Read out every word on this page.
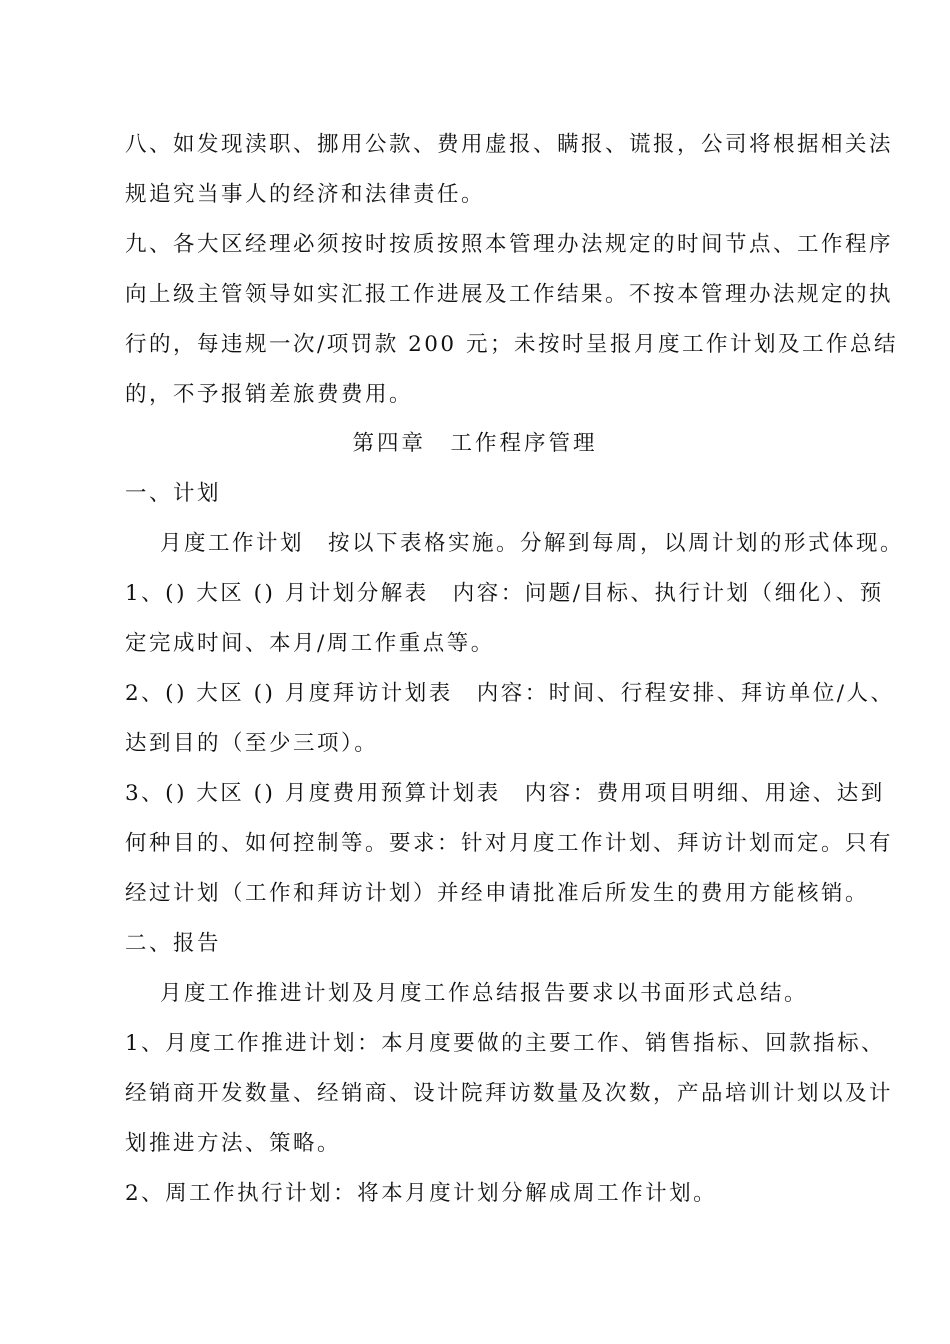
八、如发现渎职、挪用公款、费用虚报、瞒报、谎报，公司将根据相关法
规追究当事人的经济和法律责任。
九、各大区经理必须按时按质按照本管理办法规定的时间节点、工作程序
向上级主管领导如实汇报工作进展及工作结果。不按本管理办法规定的执
行的，每违规一次/项罚款 200 元；未按时呈报月度工作计划及工作总结
的，不予报销差旅费费用。
第四章　工作程序管理
一、计划
月度工作计划　按以下表格实施。分解到每周，以周计划的形式体现。
1、() 大区 () 月计划分解表　内容：问题/目标、执行计划（细化）、预
定完成时间、本月/周工作重点等。
2、() 大区 () 月度拜访计划表　内容：时间、行程安排、拜访单位/人、
达到目的（至少三项）。
3、() 大区 () 月度费用预算计划表　内容：费用项目明细、用途、达到
何种目的、如何控制等。要求：针对月度工作计划、拜访计划而定。只有
经过计划（工作和拜访计划）并经申请批准后所发生的费用方能核销。
二、报告
月度工作推进计划及月度工作总结报告要求以书面形式总结。
1、月度工作推进计划：本月度要做的主要工作、销售指标、回款指标、
经销商开发数量、经销商、设计院拜访数量及次数，产品培训计划以及计
划推进方法、策略。
2、周工作执行计划：将本月度计划分解成周工作计划。
